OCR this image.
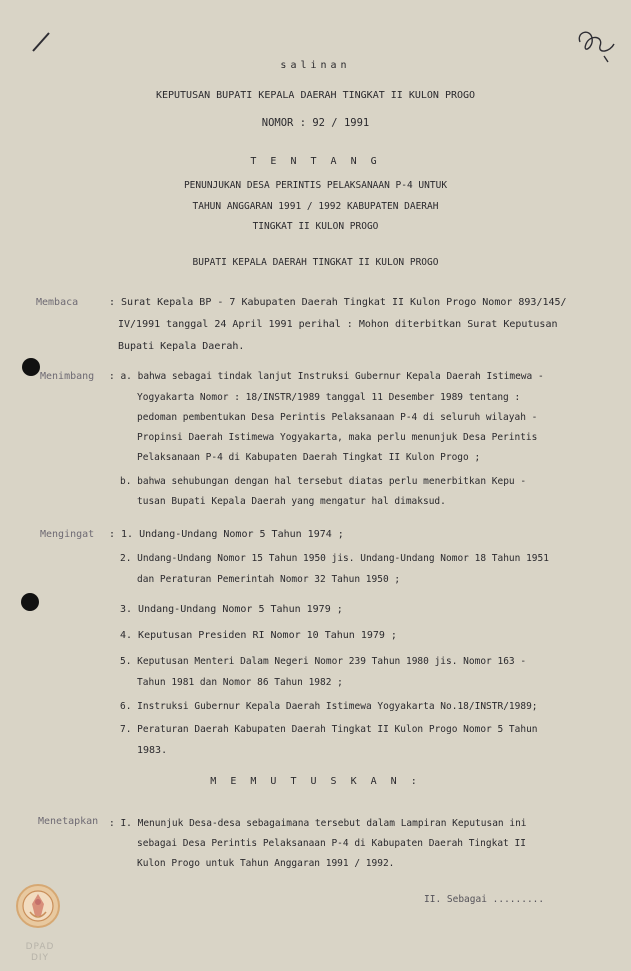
salinan
KEPUTUSAN BUPATI KEPALA DAERAH TINGKAT II KULON PROGO
NOMOR : 92 / 1991
T E N T A N G
PENUNJUKAN DESA PERINTIS PELAKSANAAN P-4 UNTUK
TAHUN ANGGARAN 1991 / 1992 KABUPATEN DAERAH
TINGKAT II KULON PROGO
BUPATI KEPALA DAERAH TINGKAT II KULON PROGO
Membaca	: Surat Kepala BP - 7 Kabupaten Daerah Tingkat II Kulon Progo Nomor 893/145/
IV/1991 tanggal 24 April 1991 perihal : Mohon diterbitkan Surat Keputusan
Bupati Kepala Daerah.
Menimbang : a. bahwa sebagai tindak lanjut Instruksi Gubernur Kepala Daerah Istimewa -
Yogyakarta Nomor : 18/INSTR/1989 tanggal 11 Desember 1989 tentang :
pedoman pembentukan Desa Perintis Pelaksanaan P-4 di seluruh wilayah -
Propinsi Daerah Istimewa Yogyakarta, maka perlu menunjuk Desa Perintis
Pelaksanaan P-4 di Kabupaten Daerah Tingkat II Kulon Progo ;
b. bahwa sehubungan dengan hal tersebut diatas perlu menerbitkan Kepu -
tusan Bupati Kepala Daerah yang mengatur hal dimaksud.
Mengingat : 1. Undang-Undang Nomor 5 Tahun 1974 ;
2. Undang-Undang Nomor 15 Tahun 1950 jis. Undang-Undang Nomor 18 Tahun 1951
dan Peraturan Pemerintah Nomor 32 Tahun 1950 ;
3. Undang-Undang Nomor 5 Tahun 1979 ;
4. Keputusan Presiden RI Nomor 10 Tahun 1979 ;
5. Keputusan Menteri Dalam Negeri Nomor 239 Tahun 1980 jis. Nomor 163 -
Tahun 1981 dan Nomor 86 Tahun 1982 ;
6. Instruksi Gubernur Kepala Daerah Istimewa Yogyakarta No.18/INSTR/1989;
7. Peraturan Daerah Kabupaten Daerah Tingkat II Kulon Progo Nomor 5 Tahun
1983.
M E M U T U S K A N :
Menetapkan : I. Menunjuk Desa-desa sebagaimana tersebut dalam Lampiran Keputusan ini
sebagai Desa Perintis Pelaksanaan P-4 di Kabupaten Daerah Tingkat II
Kulon Progo untuk Tahun Anggaran 1991 / 1992.
II. Sebagai .........
DPAD
DIY
